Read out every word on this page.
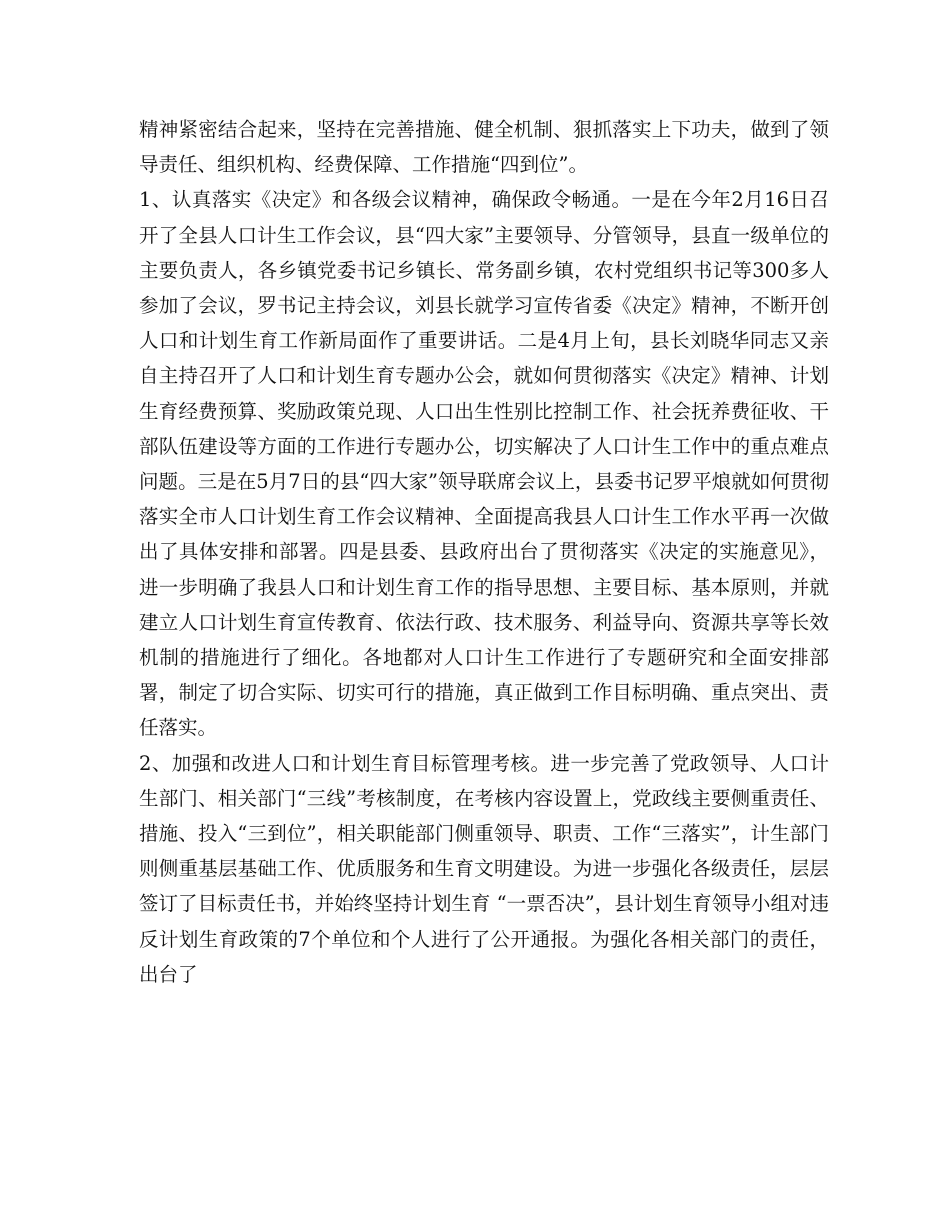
精神紧密结合起来，坚持在完善措施、健全机制、狠抓落实上下功夫，做到了领导责任、组织机构、经费保障、工作措施“四到位”。

1、认真落实《决定》和各级会议精神，确保政令畅通。一是在今年2月16日召开了全县人口计生工作会议，县“四大家”主要领导、分管领导，县直一级单位的主要负责人，各乡镇党委书记乡镇长、常务副乡镇，农村党组织书记等300多人参加了会议，罗书记主持会议，刘县长就学习宣传省委《决定》精神，不断开创人口和计划生育工作新局面作了重要讲话。二是4月上旬，县长刘晓华同志又亲自主持召开了人口和计划生育专题办公会，就如何贯彻落实《决定》精神、计划生育经费预算、奖励政策兑现、人口出生性别比控制工作、社会抚养费征收、干部队伍建设等方面的工作进行专题办公，切实解决了人口计生工作中的重点难点问题。三是在5月7日的县“四大家”领导联席会议上，县委书记罗平烺就如何贯彻落实全市人口计划生育工作会议精神、全面提高我县人口计生工作水平再一次做出了具体安排和部署。四是县委、县政府出台了贯彻落实《决定的实施意见》，进一步明确了我县人口和计划生育工作的指导思想、主要目标、基本原则，并就建立人口计划生育宣传教育、依法行政、技术服务、利益导向、资源共享等长效机制的措施进行了细化。各地都对人口计生工作进行了专题研究和全面安排部署，制定了切合实际、切实可行的措施，真正做到工作目标明确、重点突出、责任落实。

2、加强和改进人口和计划生育目标管理考核。进一步完善了党政领导、人口计生部门、相关部门“三线”考核制度，在考核内容设置上，党政线主要侧重责任、措施、投入“三到位”，相关职能部门侧重领导、职责、工作“三落实”，计生部门则侧重基层基础工作、优质服务和生育文明建设。为进一步强化各级责任，层层签订了目标责任书，并始终坚持计划生育 “一票否决”，县计划生育领导小组对违反计划生育政策的7个单位和个人进行了公开通报。为强化各相关部门的责任，出台了
